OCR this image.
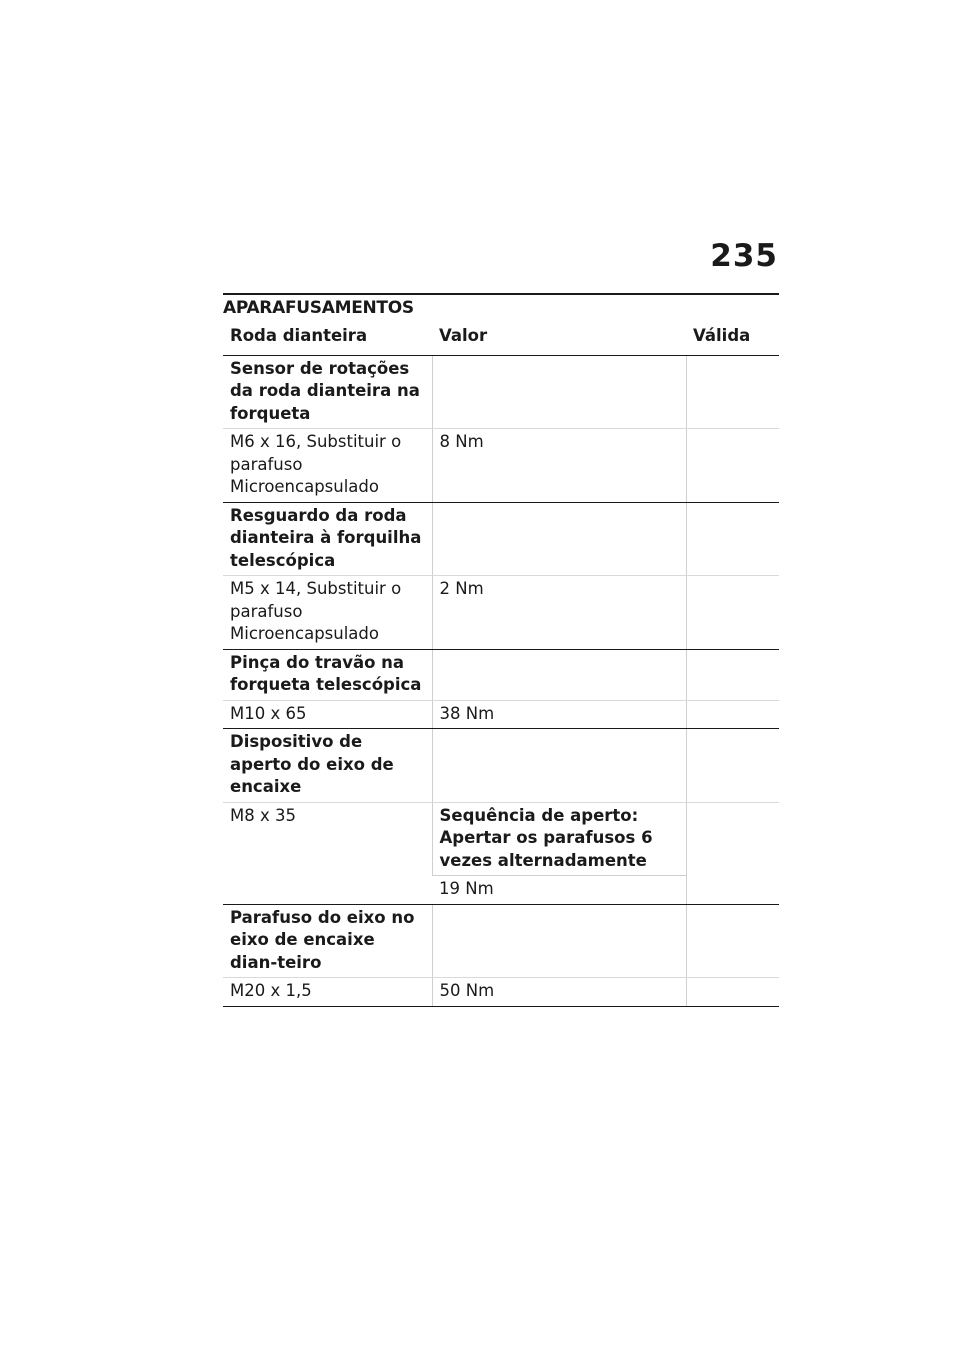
235
APARAFUSAMENTOS
Roda dianteira	Valor	Válida
Sensor de rotações da roda dianteira na forqueta		
M6 x 16, Substituir o parafuso Microencapsulado	8 Nm	
Resguardo da roda dianteira à forquilha telescópica		
M5 x 14, Substituir o parafuso Microencapsulado	2 Nm	
Pinça do travão na forqueta telescópica		
M10 x 65	38 Nm	
Dispositivo de aperto do eixo de encaixe		
M8 x 35	Sequência de aperto: Apertar os parafusos 6 vezes alternadamente	
	19 Nm	
Parafuso do eixo no eixo de encaixe dian-teiro		
M20 x 1,5	50 Nm	
